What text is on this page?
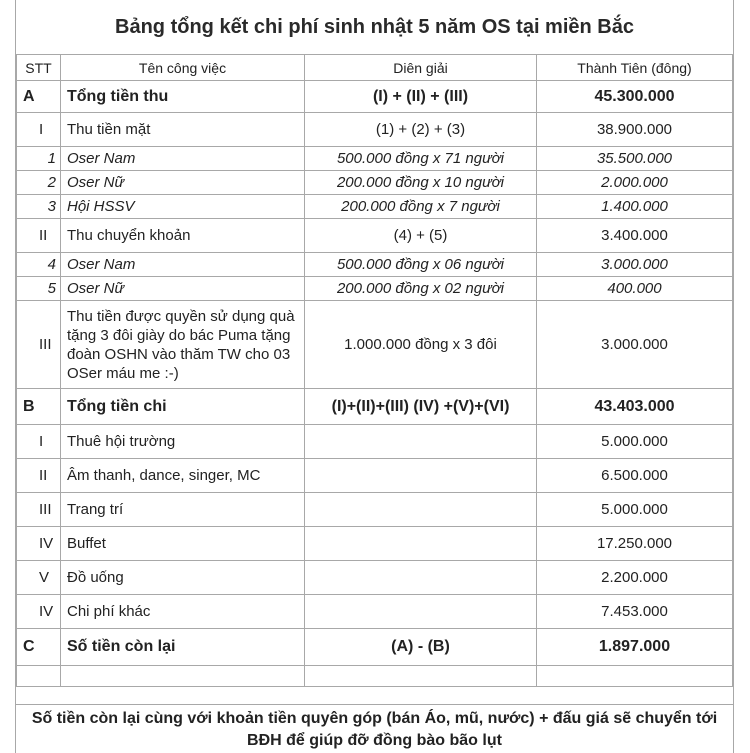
Bảng tổng kết chi phí sinh nhật 5 năm OS tại miền Bắc
STT	Tên công việc	Diên giải	Thành Tiên (đông)
A	Tổng tiền thu	(I) + (II) + (III)	45.300.000
I	Thu tiền mặt	(1) + (2) + (3)	38.900.000
1	Oser Nam	500.000 đồng x 71 người	35.500.000
2	Oser Nữ	200.000 đồng x 10 người	2.000.000
3	Hội HSSV	200.000 đồng x 7 người	1.400.000
II	Thu chuyển khoản	(4) + (5)	3.400.000
4	Oser Nam	500.000 đồng x 06 người	3.000.000
5	Oser Nữ	200.000 đồng x 02 người	400.000
III	Thu tiền được quyền sử dụng quà tặng 3 đôi giày do bác Puma tặng đoàn OSHN vào thăm TW cho 03 OSer máu me :-)	1.000.000 đồng x 3 đôi	3.000.000
B	Tổng tiền chi	(I)+(II)+(III) (IV) +(V)+(VI)	43.403.000
I	Thuê hội trường		5.000.000
II	Âm thanh, dance, singer, MC		6.500.000
III	Trang trí		5.000.000
IV	Buffet		17.250.000
V	Đồ uống		2.200.000
IV	Chi phí khác		7.453.000
C	Số tiền còn lại	(A) - (B)	1.897.000

Số tiền còn lại cùng với khoản tiền quyên góp (bán Áo, mũ, nước) + đấu giá sẽ chuyển tới BĐH để giúp đỡ đồng bào bão lụt
